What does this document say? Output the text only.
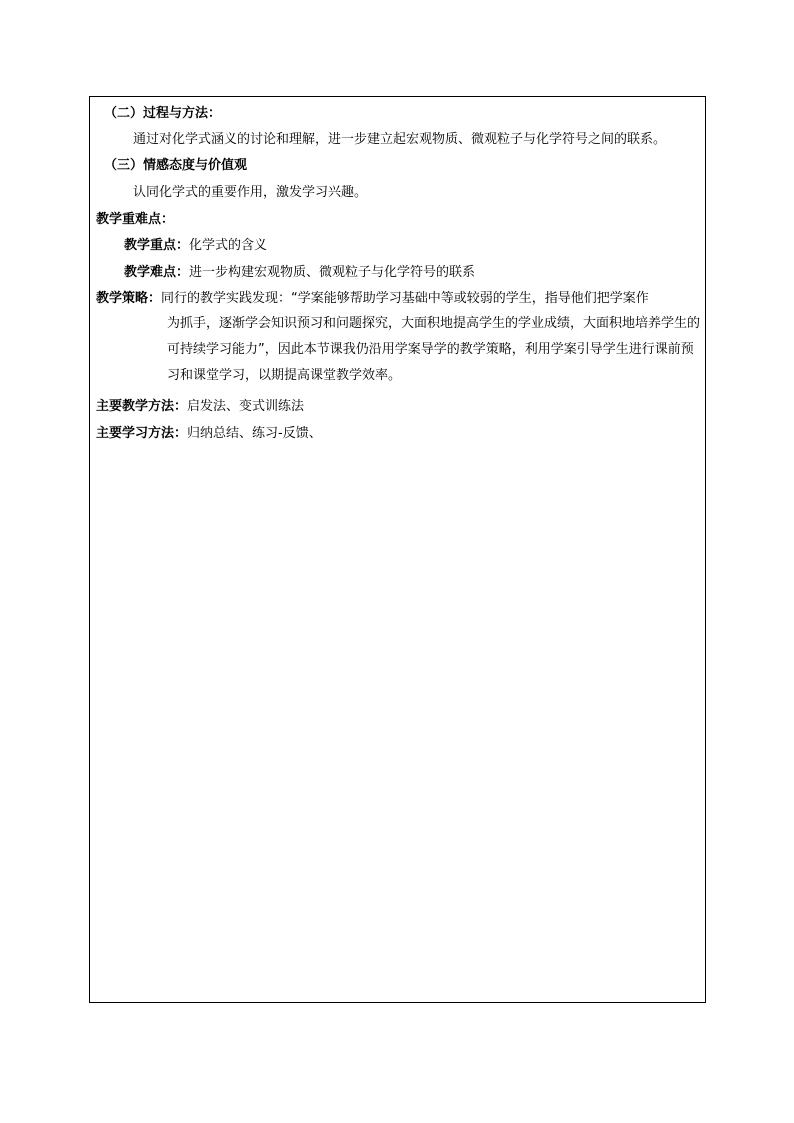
（二）过程与方法：
通过对化学式涵义的讨论和理解，进一步建立起宏观物质、微观粒子与化学符号之间的联系。
（三）情感态度与价值观
认同化学式的重要作用，激发学习兴趣。
教学重难点：
教学重点：化学式的含义
教学难点：进一步构建宏观物质、微观粒子与化学符号的联系
教学策略：同行的教学实践发现：“学案能够帮助学习基础中等或较弱的学生，指导他们把学案作
为抓手，逐渐学会知识预习和问题探究，大面积地提高学生的学业成绩，大面积地培养学生的可持续学习能力”，因此本节课我仍沿用学案导学的教学策略，利用学案引导学生进行课前预习和课堂学习，以期提高课堂教学效率。
主要教学方法：启发法、变式训练法
主要学习方法：归纳总结、练习-反馈、
